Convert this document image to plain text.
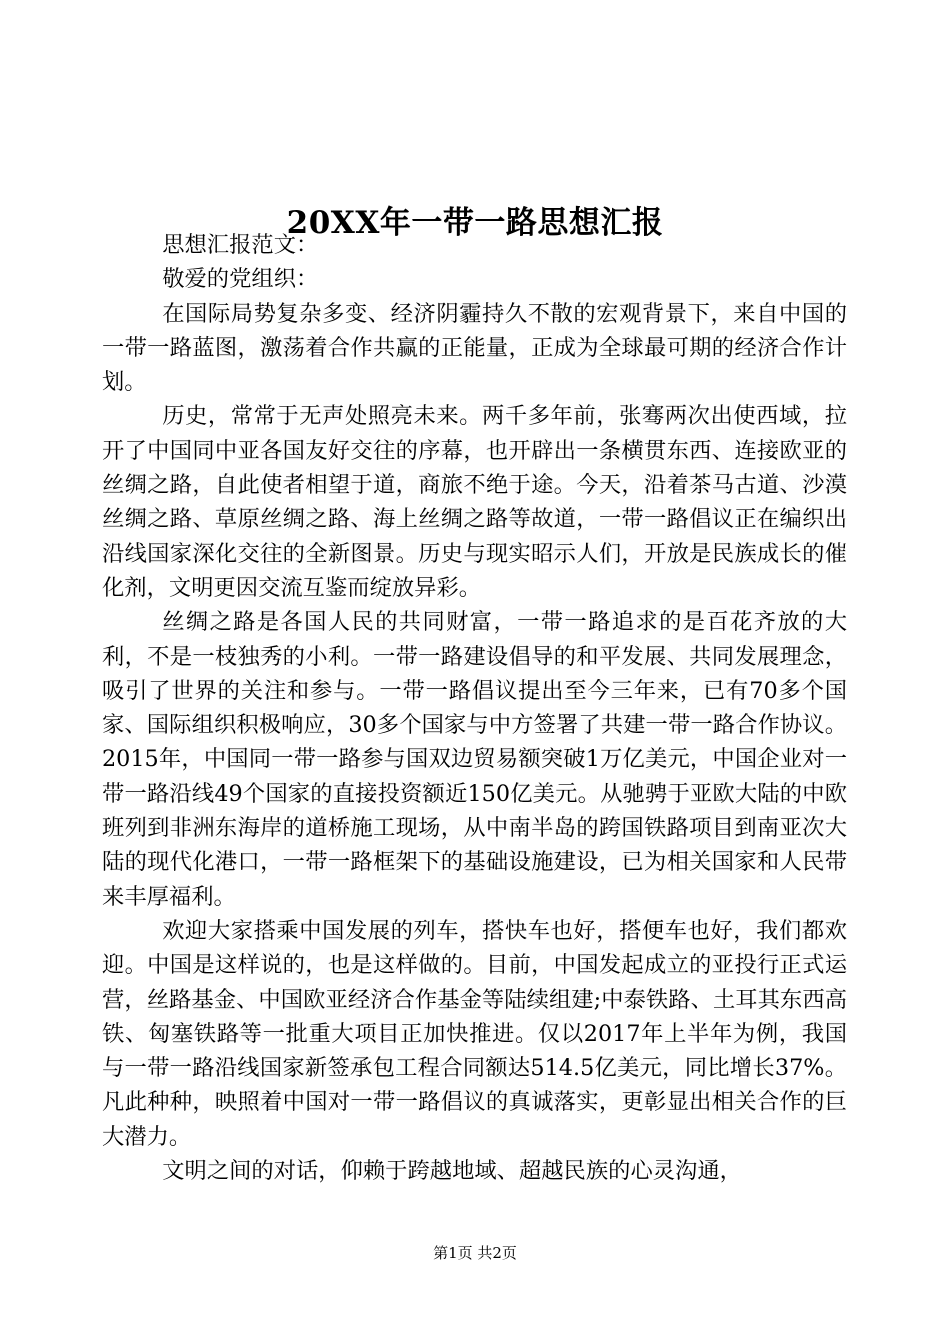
20XX年一带一路思想汇报

思想汇报范文：

敬爱的党组织：

在国际局势复杂多变、经济阴霾持久不散的宏观背景下，来自中国的一带一路蓝图，激荡着合作共赢的正能量，正成为全球最可期的经济合作计划。

历史，常常于无声处照亮未来。两千多年前，张骞两次出使西域，拉开了中国同中亚各国友好交往的序幕，也开辟出一条横贯东西、连接欧亚的丝绸之路，自此使者相望于道，商旅不绝于途。今天，沿着茶马古道、沙漠丝绸之路、草原丝绸之路、海上丝绸之路等故道，一带一路倡议正在编织出沿线国家深化交往的全新图景。历史与现实昭示人们，开放是民族成长的催化剂，文明更因交流互鉴而绽放异彩。

丝绸之路是各国人民的共同财富，一带一路追求的是百花齐放的大利，不是一枝独秀的小利。一带一路建设倡导的和平发展、共同发展理念，吸引了世界的关注和参与。一带一路倡议提出至今三年来，已有70多个国家、国际组织积极响应，30多个国家与中方签署了共建一带一路合作协议。2015年，中国同一带一路参与国双边贸易额突破1万亿美元，中国企业对一带一路沿线49个国家的直接投资额近150亿美元。从驰骋于亚欧大陆的中欧班列到非洲东海岸的道桥施工现场，从中南半岛的跨国铁路项目到南亚次大陆的现代化港口，一带一路框架下的基础设施建设，已为相关国家和人民带来丰厚福利。

欢迎大家搭乘中国发展的列车，搭快车也好，搭便车也好，我们都欢迎。中国是这样说的，也是这样做的。目前，中国发起成立的亚投行正式运营，丝路基金、中国欧亚经济合作基金等陆续组建;中泰铁路、土耳其东西高铁、匈塞铁路等一批重大项目正加快推进。仅以2017年上半年为例，我国与一带一路沿线国家新签承包工程合同额达514.5亿美元，同比增长37%。凡此种种，映照着中国对一带一路倡议的真诚落实，更彰显出相关合作的巨大潜力。

文明之间的对话，仰赖于跨越地域、超越民族的心灵沟通，

第1页 共2页
